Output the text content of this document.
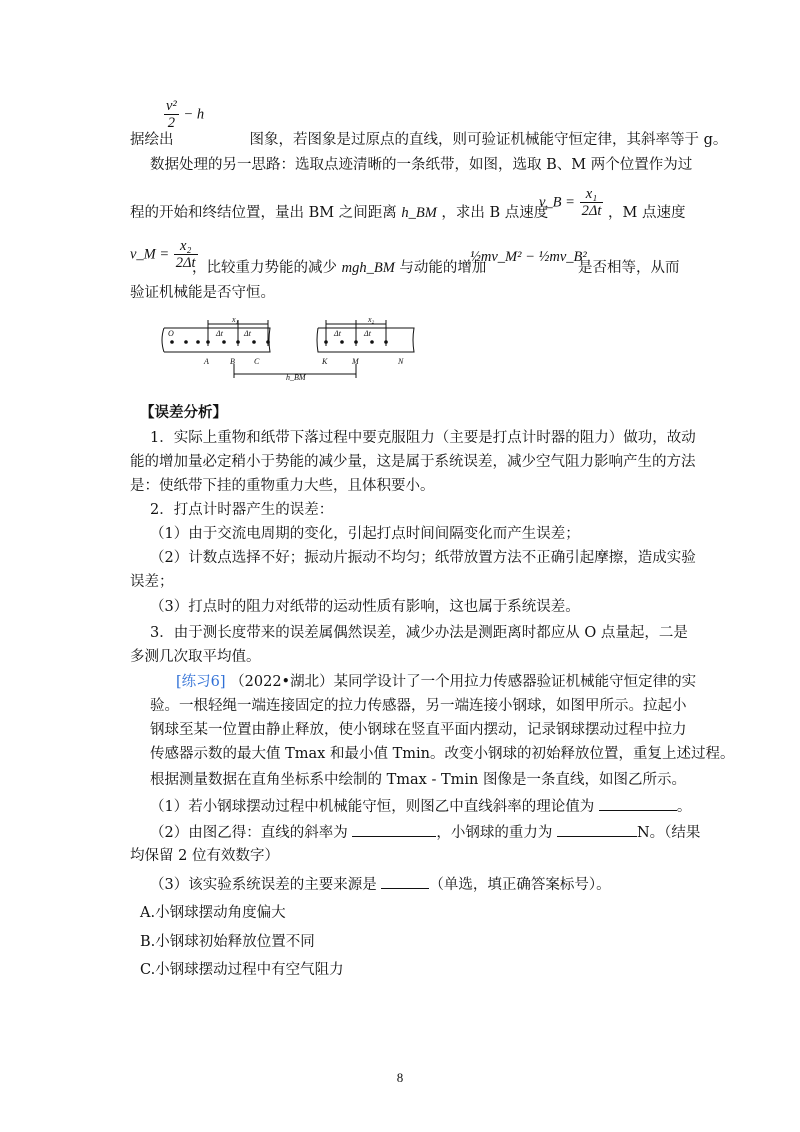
$\frac{\text{v²}}{2} - h$
据绘出	图象，若图象是过原点的直线，则可验证机械能守恒定律，其斜率等于 g。
数据处理的另一思路：选取点迹清晰的一条纸带，如图，选取 B、M 两个位置作为过
程的开始和终结位置，量出 BM 之间距离 h_BM ，求出 B 点速度
v_B = $\frac{\text{x₁}}{2\Delta t}$ ，M 点速度
v_M = $\frac{\text{x₂}}{2\Delta t}$
，比较重力势能的减少 mgh_BM 与动能的增加
½mv_M² − ½mv_B²
是否相等，从而
验证机械能是否守恒。
O
A	B C	K	M	N
x₁	x₂
Δt	Δt	Δt	Δt
h_BM
【误差分析】
1．实际上重物和纸带下落过程中要克服阻力（主要是打点计时器的阻力）做功，故动
能的增加量必定稍小于势能的减少量，这是属于系统误差，减少空气阻力影响产生的方法
是：使纸带下挂的重物重力大些，且体积要小。
2．打点计时器产生的误差：
（1）由于交流电周期的变化，引起打点时间间隔变化而产生误差；
（2）计数点选择不好；振动片振动不均匀；纸带放置方法不正确引起摩擦，造成实验
误差；
（3）打点时的阻力对纸带的运动性质有影响，这也属于系统误差。
3．由于测长度带来的误差属偶然误差，减少办法是测距离时都应从 O 点量起，二是
多测几次取平均值。
[练习6] （2022•湖北）某同学设计了一个用拉力传感器验证机械能守恒定律的实
验。一根轻绳一端连接固定的拉力传感器，另一端连接小钢球，如图甲所示。拉起小
钢球至某一位置由静止释放，使小钢球在竖直平面内摆动，记录钢球摆动过程中拉力
传感器示数的最大值 Tmax 和最小值 Tmin。改变小钢球的初始释放位置，重复上述过程。
根据测量数据在直角坐标系中绘制的 Tmax - Tmin 图像是一条直线，如图乙所示。
（1）若小钢球摆动过程中机械能守恒，则图乙中直线斜率的理论值为	。
（2）由图乙得：直线的斜率为	，小钢球的重力为	N。（结果
均保留 2 位有效数字）
（3）该实验系统误差的主要来源是	（单选，填正确答案标号）。
A.小钢球摆动角度偏大
B.小钢球初始释放位置不同
C.小钢球摆动过程中有空气阻力
8
